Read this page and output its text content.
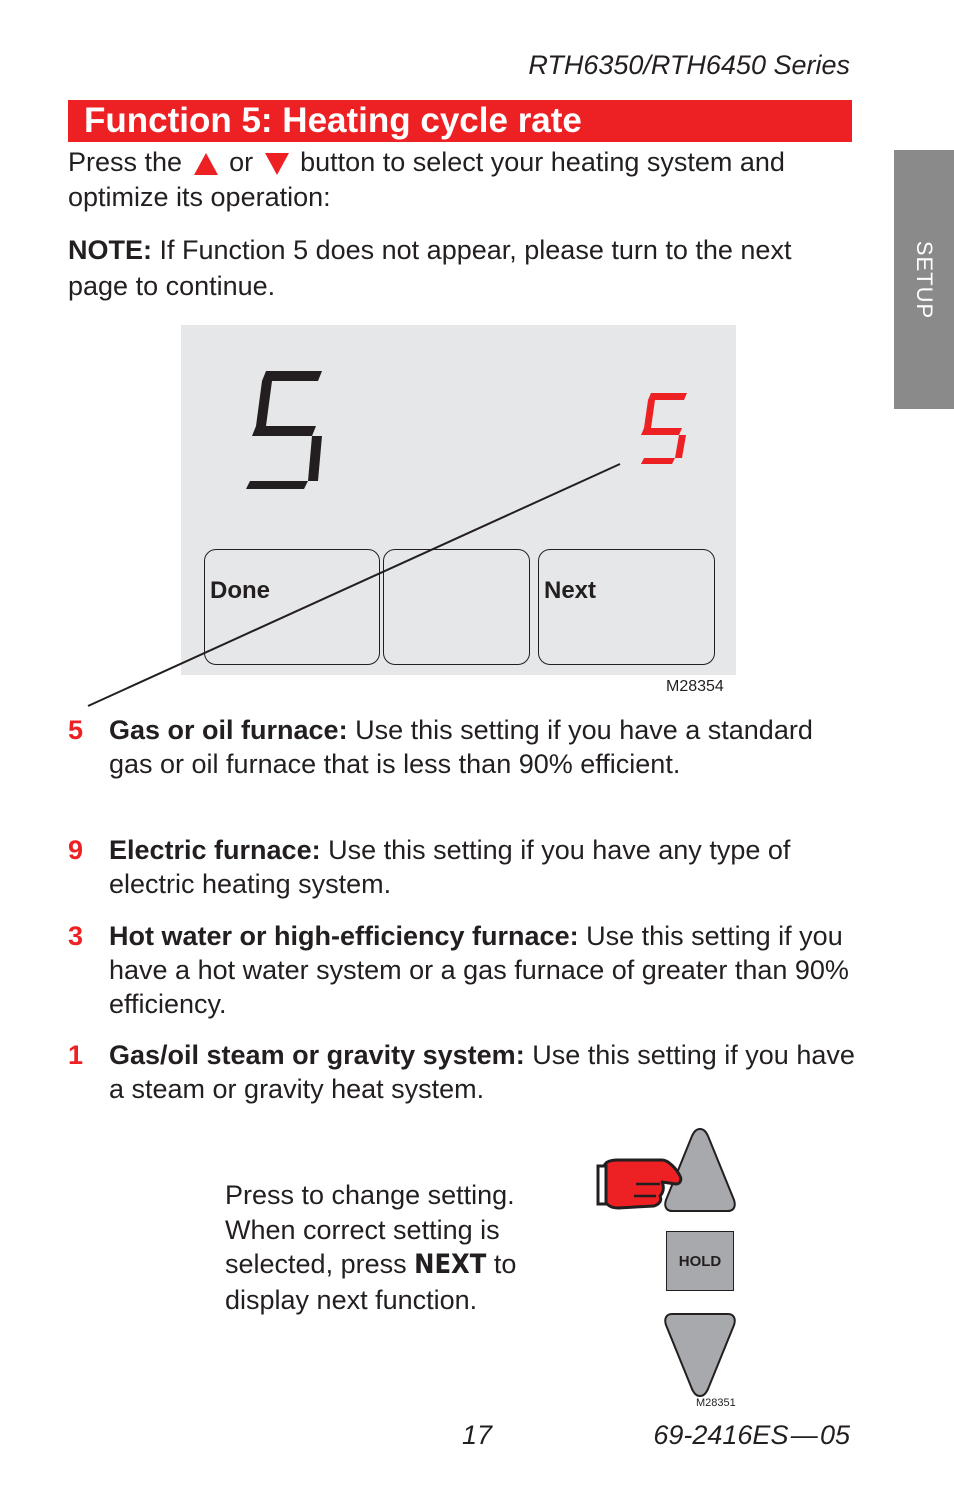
RTH6350/RTH6450 Series
Function 5: Heating cycle rate
SETUP
Press the or button to select your heating system and optimize its operation:
NOTE: If Function 5 does not appear, please turn to the next page to continue.
Done	Next
M28354
5 Gas or oil furnace: Use this setting if you have a standard gas or oil furnace that is less than 90% efficient.
9 Electric furnace: Use this setting if you have any type of electric heating system.
3 Hot water or high-efficiency furnace: Use this setting if you have a hot water system or a gas furnace of greater than 90% efficiency.
1 Gas/oil steam or gravity system: Use this setting if you have a steam or gravity heat system.
Press to change setting. When correct setting is selected, press NEXT to display next function.
HOLD
M28351
17	69-2416ES — 05
